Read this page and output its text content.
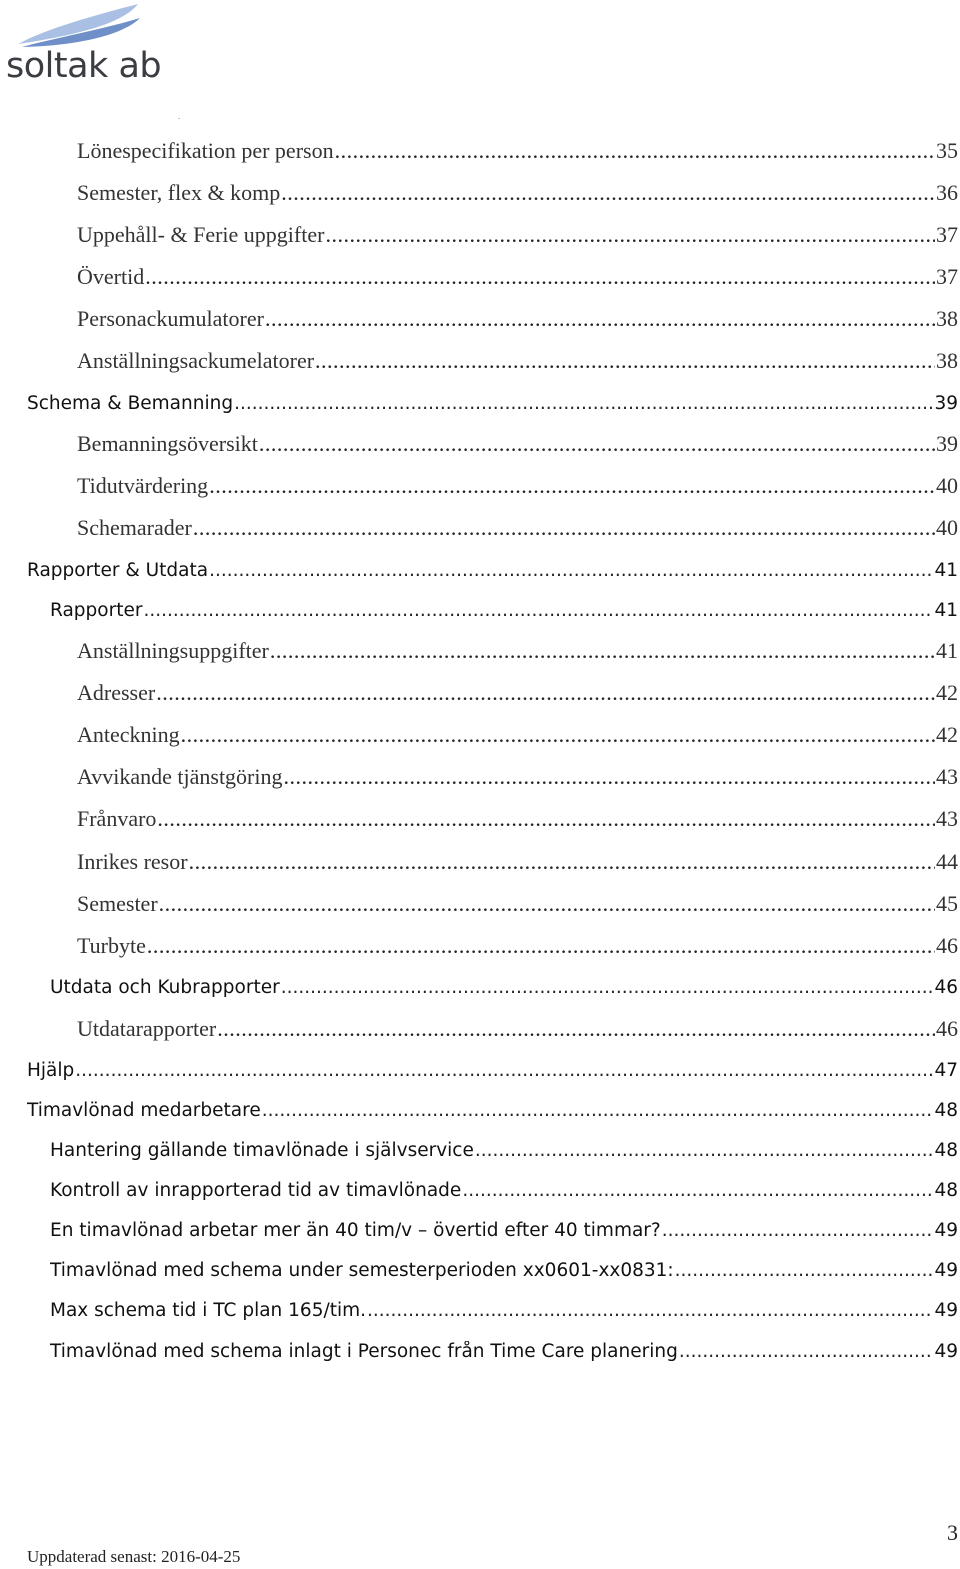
soltak ab
.
Lönespecifikation per person .....	35
Semester, flex & komp .....	36
Uppehåll- & Ferie uppgifter .....	37
Övertid .....	37
Personackumulatorer .....	38
Anställningsackumelatorer .....	38
Schema & Bemanning .....	39
Bemanningsöversikt .....	39
Tidutvärdering .....	40
Schemarader .....	40
Rapporter & Utdata .....	41
Rapporter .....	41
Anställningsuppgifter .....	41
Adresser .....	42
Anteckning .....	42
Avvikande tjänstgöring .....	43
Frånvaro .....	43
Inrikes resor .....	44
Semester .....	45
Turbyte .....	46
Utdata och Kubrapporter .....	46
Utdatarapporter .....	46
Hjälp .....	47
Timavlönad medarbetare .....	48
Hantering gällande timavlönade i självservice .....	48
Kontroll av inrapporterad tid av timavlönade .....	48
En timavlönad arbetar mer än 40 tim/v – övertid efter 40 timmar? .....	49
Timavlönad med schema under semesterperioden xx0601-xx0831: .....	49
Max schema tid i TC plan 165/tim. .....	49
Timavlönad med schema inlagt i Personec från Time Care planering .....	49
Uppdaterad senast: 2016-04-25
3
